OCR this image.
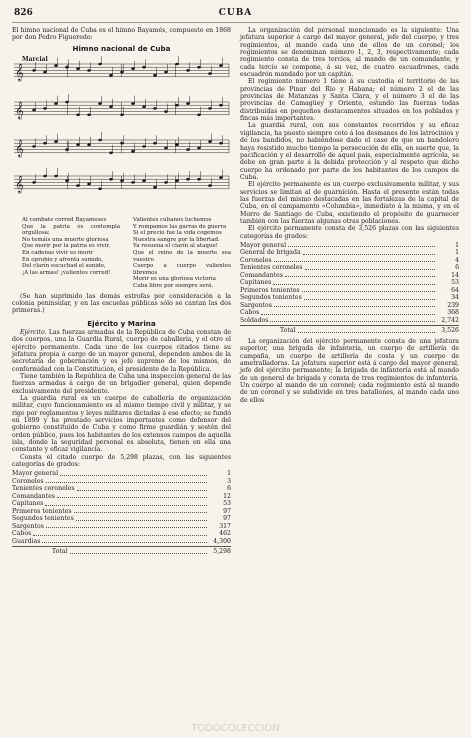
826	CUBA

El himno nacional de Cuba es el himno Bayamés, compuesto en 1868 por don Pedro Figueredo:

Himno nacional de Cuba
Marcial
𝄞
𝄞
𝄞
𝄞
Al combate corred Bayameses
Que la patria os contempla orgullosa;
No temáis una muerte gloriosa
Que morir por la patria es vivir.
En cadenas vivir es morir
En oprobio y afrenta sumido,
Del clarín escuchad el sonido,
¡A las armas! ¡valientes corred!
Valientes cubanos luchemos
Y rompamos las garras de guerra
Si el precio fue la vida cogemos
Nuestra sangre por la libertad.
Ya resuena el clarín al ataque!
Que el reino de la muerte sea vuestro
Cuerpo a cuerpo valientes libremos
Morir es una gloriosa victoria
Cuba libre por siempre será.

(Se han suprimido las demás estrofas por consideración a la colonia peninsular, y en las escuelas públicas sólo se cantan las dos primeras.)

Ejército y Marina

Ejército. Las fuerzas armadas de la República de Cuba constan de dos cuerpos, una la Guardia Rural, cuerpo de caballería, y el otro el ejército permanente. Cada uno de los cuerpos citados tiene su jefatura propia á cargo de un mayor general, dependen ambos de la secretaría de gobernación y es jefe supremo de los mismos, de conformidad con la Constitución, el presidente de la República.

Tiene también la República de Cuba una inspección general de las fuerzas armadas á cargo de un brigadier general, quien depende exclusivamente del presidente.

La guardia rural es un cuerpo de caballería de organización militar, cuyo funcionamiento es al mismo tiempo civil y militar, y se rige por reglamentos y leyes militares dictadas á ese efecto; se fundó en 1899 y ha prestado servicios importantes como defensor del gobierno constituído de Cuba y como firme guardián y sostén del orden público, pues los habitantes de los extensos campos de aquella isla, donde la seguridad personal es absoluta, tienen en ella una constante y eficaz vigilancia.

Consta el citado cuerpo de 5,298 plazas, con las siguientes categorías de grados:

Mayor general	1
Coroneles	3
Tenientes coroneles	6
Comandantes	12
Capitanes	53
Primeros tenientes	97
Segundos tenientes	97
Sargentos	317
Cabos	462
Guardias	4,300
Total	5,298

La organización del personal mencionado es la siguiente: Una jefatura superior á cargo del mayor general, jefe del cuerpo, y tres regimientos, al mando cada uno de ellos de un coronel; los regimientos se denominan número 1, 2, 3, respectivamente; cada regimiento consta de tres tercios, al mando de un comandante, y cada tercio se compone, á su vez, de cuatro escuadrones, cada escuadrón mandado por un capitán.

El regimiento número 1 tiene á su custodia el territorio de las provincias de Pinar del Río y Habana; el número 2 el de las provincias de Matanzas y Santa Clara, y el número 3 el de las provincias de Camagüey y Oriente, estando las fuerzas todas distribuídas en pequeños destacamentos situados en los poblados y fincas más importantes.

La guardia rural, con sus constantes recorridos y su eficaz vigilancia, ha puesto siempre coto á los desmanes de los latrocinios y de los bandidos, no habiéndose dado el caso de que un bandolero haya resistido mucho tiempo la persecución de ella, en suerte que, la pacificación y el desarrollo de aquel país, especialmente agrícola, se debe en gran parte á la debida protección y al respeto que dicho cuerpo ha ordenado por parte de los habitantes de los campos de Cuba.

El ejército permanente es un cuerpo exclusivamente militar, y sus servicios se limitan al de guarnición. Hasta el presente están todas las fuerzas del mismo destacadas en las fortalezas de la capital de Cuba, en el campamento «Columbia», inmediato á la misma, y en el Morro de Santiago de Cuba, existiendo el propósito de guarnecer también con las fuerzas algunas otras poblaciones.

El ejército permanente consta de 3,526 plazas con las siguientes categorías de grados:

Mayor general	1
General de brigada	1
Coroneles	4
Tenientes coroneles	6
Comandantes	14
Capitanes	53
Primeros tenientes	64
Segundos tenientes	34
Sargentos	239
Cabos	368
Soldados	2,742
Total	3,526

La organización del ejército permanente consta de una jefatura superior, una brigada de infantería, un cuerpo de artillería de campaña, un cuerpo de artillería de costa y un cuerpo de ametralladoras. La jefatura superior está á cargo del mayor general, jefe del ejército permanente; la brigada de infantería está al mando de un general de brigada y consta de tres regimientos de infantería. Un cuerpo al mando de un coronel; cada regimiento está al mando de un coronel y se subdivide en tres batallones, al mando cada uno de ellos

TODOCOLECCION
